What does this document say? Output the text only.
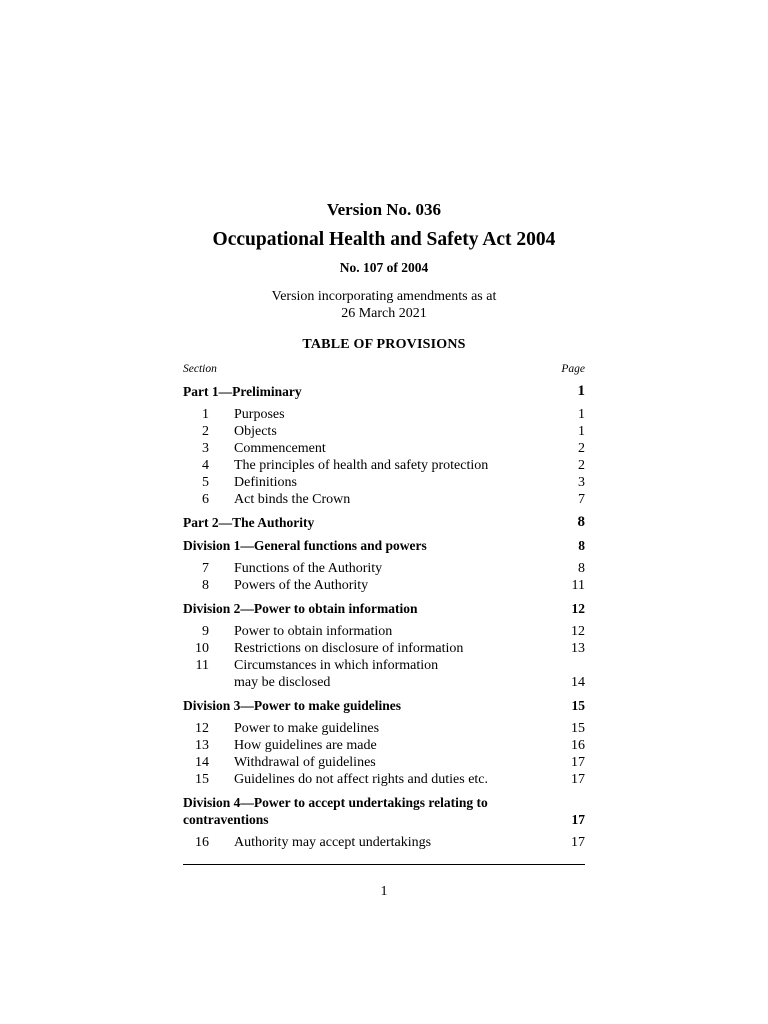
Version No. 036

Occupational Health and Safety Act 2004

No. 107 of 2004

Version incorporating amendments as at
26 March 2021

TABLE OF PROVISIONS

Section	Page
Part 1—Preliminary	1
1	Purposes	1
2	Objects	1
3	Commencement	2
4	The principles of health and safety protection	2
5	Definitions	3
6	Act binds the Crown	7
Part 2—The Authority	8
Division 1—General functions and powers	8
7	Functions of the Authority	8
8	Powers of the Authority	11
Division 2—Power to obtain information	12
9	Power to obtain information	12
10	Restrictions on disclosure of information	13
11	Circumstances in which information may be disclosed	14
Division 3—Power to make guidelines	15
12	Power to make guidelines	15
13	How guidelines are made	16
14	Withdrawal of guidelines	17
15	Guidelines do not affect rights and duties etc.	17
Division 4—Power to accept undertakings relating to contraventions	17
16	Authority may accept undertakings	17
1
